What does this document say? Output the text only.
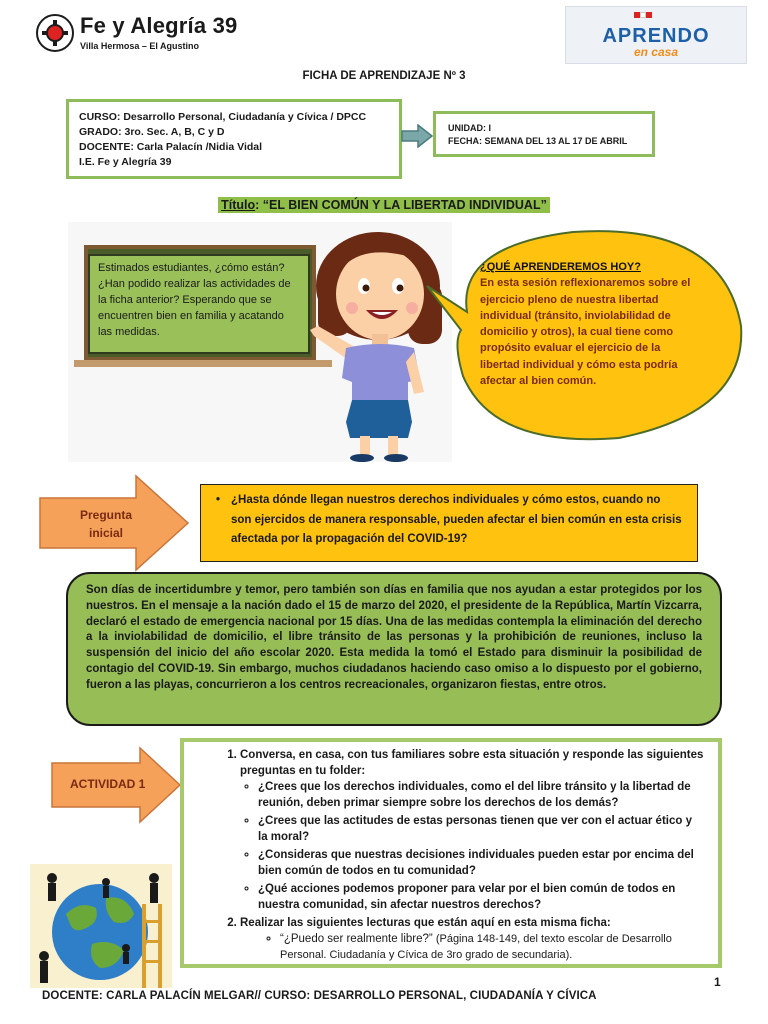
Fe y Alegría 39
Villa Hermosa – El Agustino	APRENDO
en casa
FICHA DE APRENDIZAJE Nº 3
CURSO: Desarrollo Personal, Ciudadanía y Cívica / DPCC
GRADO: 3ro. Sec. A, B, C y D
DOCENTE: Carla Palacín /Nidia Vidal
I.E. Fe y Alegría 39
UNIDAD: I
FECHA: SEMANA DEL 13 AL 17 DE ABRIL
Título: “EL BIEN COMÚN Y LA LIBERTAD INDIVIDUAL”
Estimados estudiantes, ¿cómo están? ¿Han podido realizar las actividades de la ficha anterior? Esperando que se encuentren bien en familia y acatando las medidas.
¿QUÉ APRENDEREMOS HOY?
En esta sesión reflexionaremos sobre el ejercicio pleno de nuestra libertad individual (tránsito, inviolabilidad de domicilio y otros), la cual tiene como propósito evaluar el ejercicio de la libertad individual y cómo esta podría afectar al bien común.
Pregunta
inicial
• ¿Hasta dónde llegan nuestros derechos individuales y cómo estos, cuando no son ejercidos de manera responsable, pueden afectar el bien común en esta crisis afectada por la propagación del COVID-19?
Son días de incertidumbre y temor, pero también son días en familia que nos ayudan a estar protegidos por los nuestros. En el mensaje a la nación dado el 15 de marzo del 2020, el presidente de la República, Martín Vizcarra, declaró el estado de emergencia nacional por 15 días. Una de las medidas contempla la eliminación del derecho a la inviolabilidad de domicilio, el libre tránsito de las personas y la prohibición de reuniones, incluso la suspensión del inicio del año escolar 2020. Esta medida la tomó el Estado para disminuir la posibilidad de contagio del COVID-19. Sin embargo, muchos ciudadanos haciendo caso omiso a lo dispuesto por el gobierno, fueron a las playas, concurrieron a los centros recreacionales, organizaron fiestas, entre otros.
ACTIVIDAD 1
1. Conversa, en casa, con tus familiares sobre esta situación y responde las siguientes preguntas en tu folder:
◦ ¿Crees que los derechos individuales, como el del libre tránsito y la libertad de reunión, deben primar siempre sobre los derechos de los demás?
◦ ¿Crees que las actitudes de estas personas tienen que ver con el actuar ético y la moral?
◦ ¿Consideras que nuestras decisiones individuales pueden estar por encima del bien común de todos en tu comunidad?
◦ ¿Qué acciones podemos proponer para velar por el bien común de todos en nuestra comunidad, sin afectar nuestros derechos?
2. Realizar las siguientes lecturas que están aquí en esta misma ficha:
◦ “¿Puedo ser realmente libre?” (Página 148-149, del texto escolar de Desarrollo Personal. Ciudadanía y Cívica de 3ro grado de secundaria).
DOCENTE: CARLA PALACÍN MELGAR// CURSO: DESARROLLO PERSONAL, CIUDADANÍA Y CÍVICA
1
